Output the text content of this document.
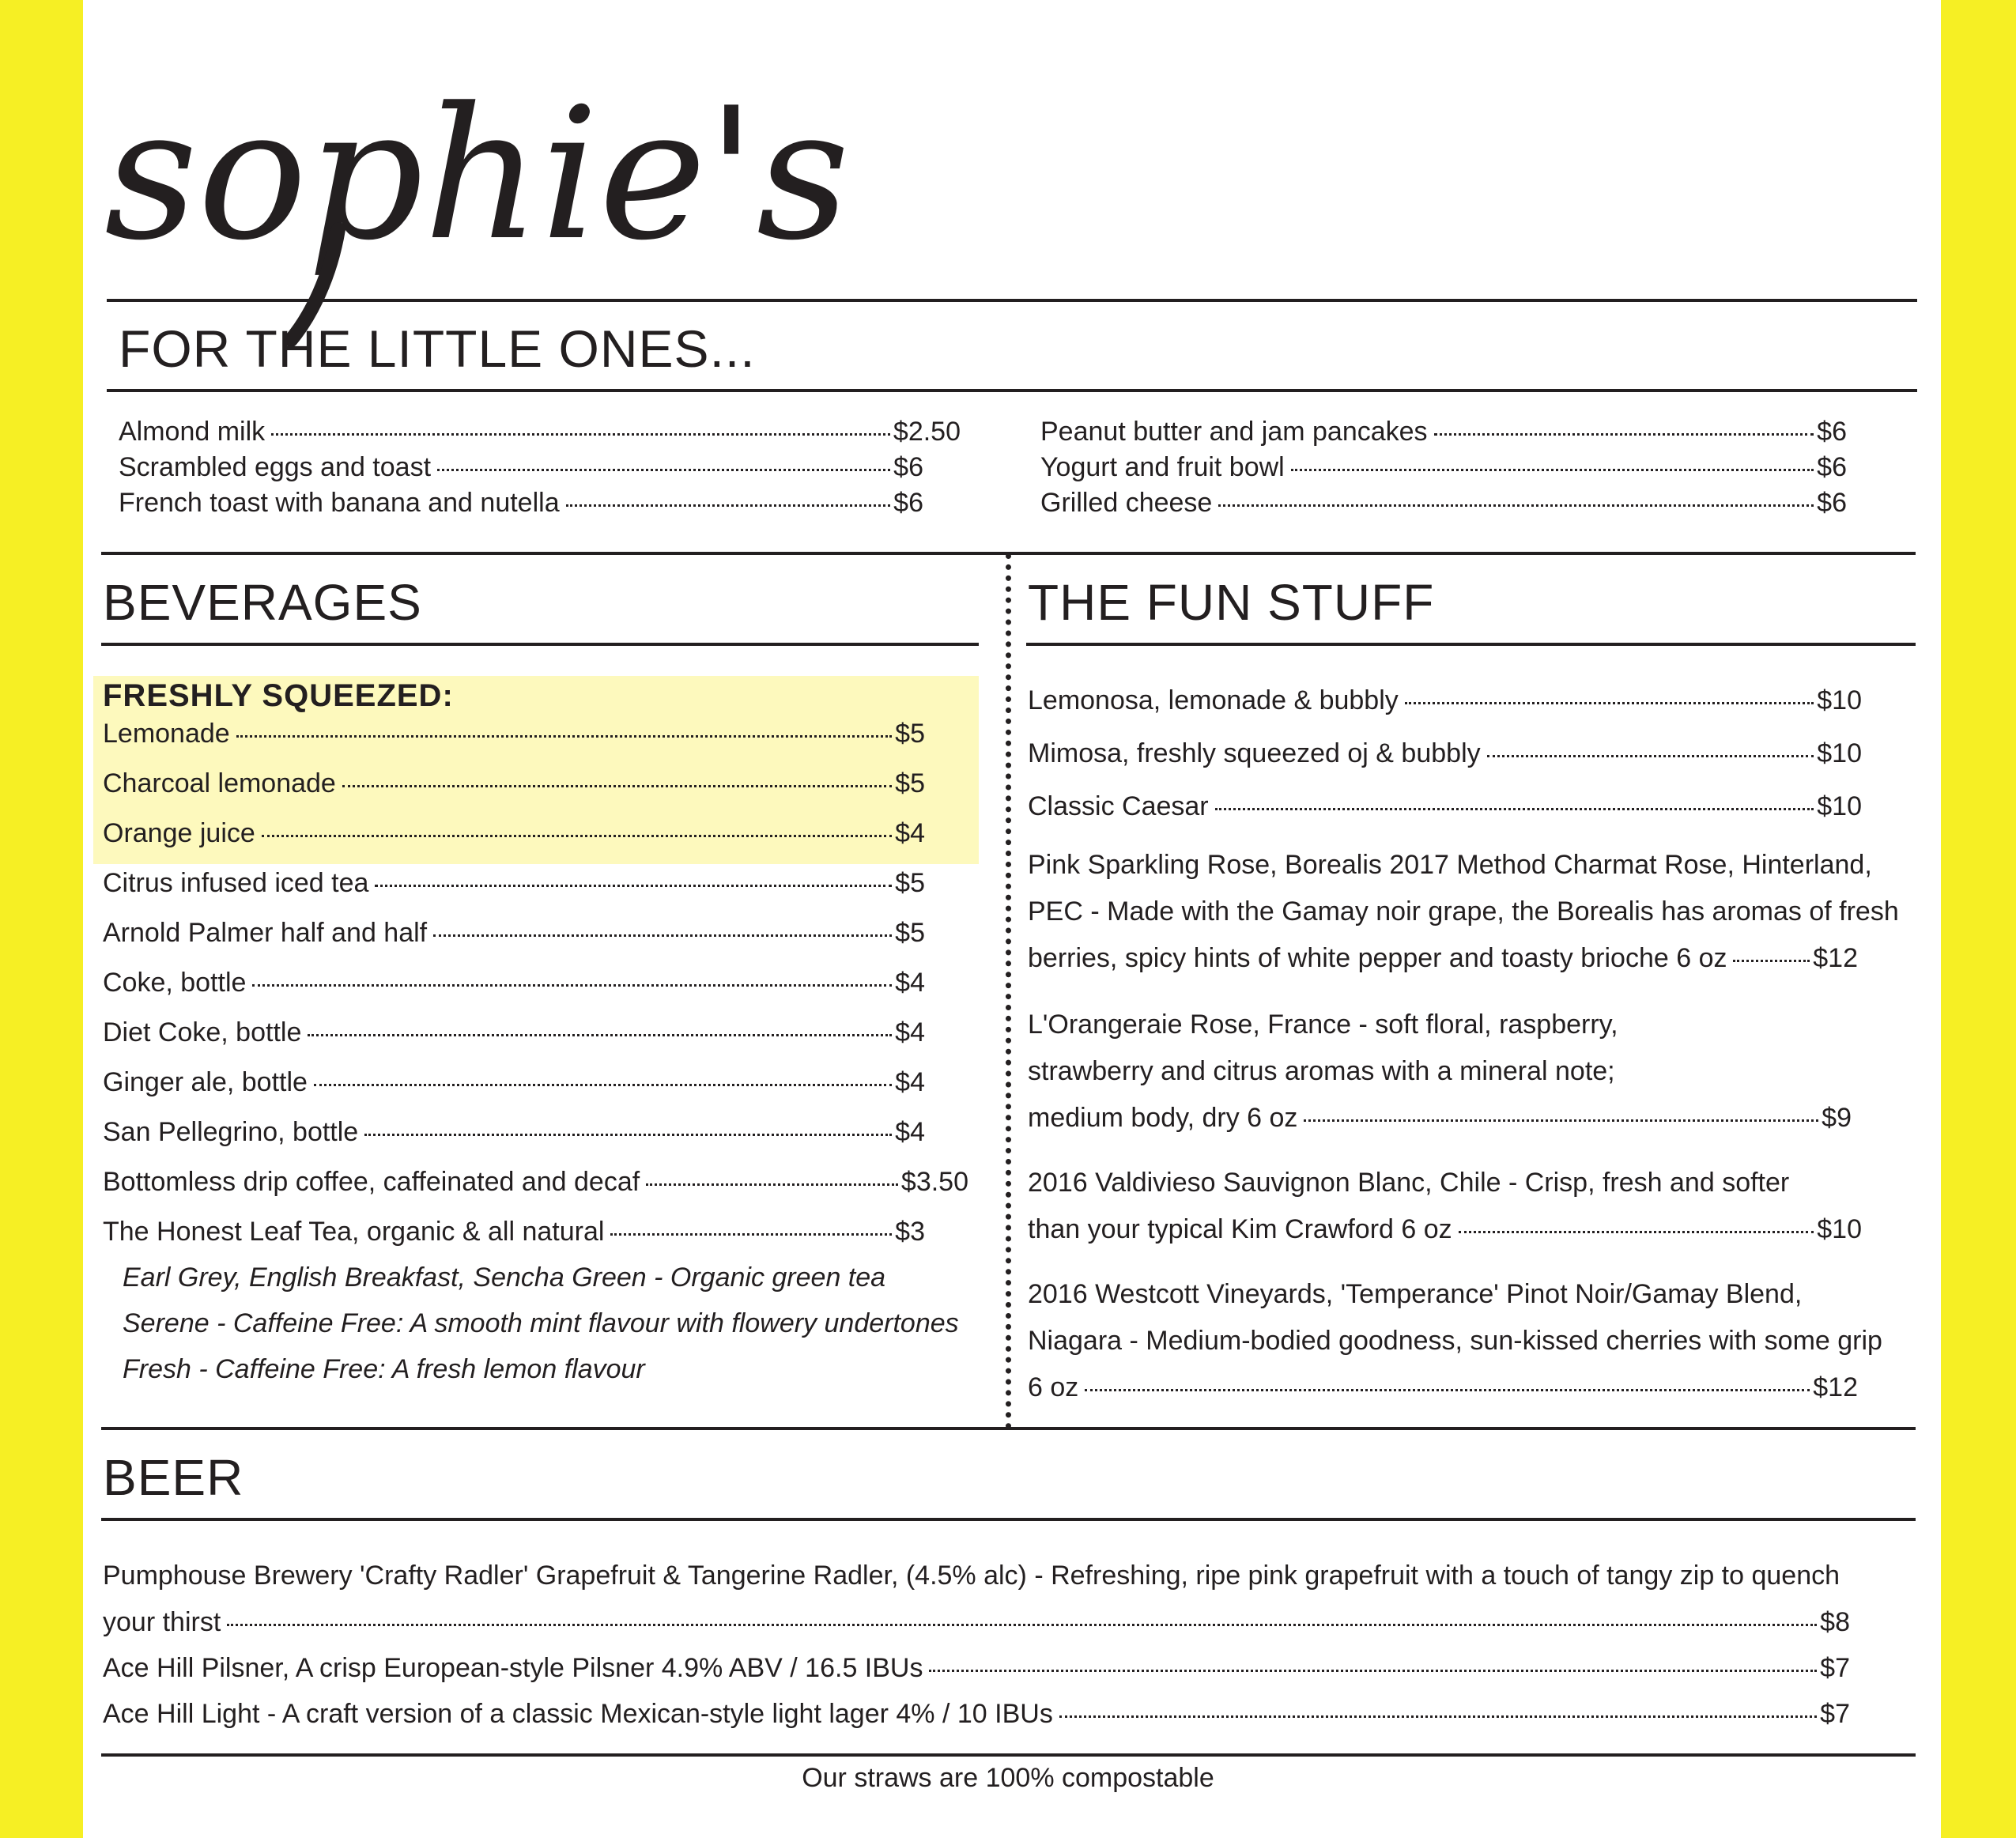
sophie's
FOR THE LITTLE ONES...
Almond milk	$2.50
Scrambled eggs and toast	$6
French toast with banana and nutella	$6
Peanut butter and jam pancakes	$6
Yogurt and fruit bowl	$6
Grilled cheese	$6
BEVERAGES	THE FUN STUFF
FRESHLY SQUEEZED:
Lemonade	$5
Charcoal lemonade	$5
Orange juice	$4
Citrus infused iced tea	$5
Arnold Palmer half and half	$5
Coke, bottle	$4
Diet Coke, bottle	$4
Ginger ale, bottle	$4
San Pellegrino, bottle	$4
Bottomless drip coffee, caffeinated and decaf	$3.50
The Honest Leaf Tea, organic & all natural	$3
Earl Grey, English Breakfast, Sencha Green - Organic green tea
Serene - Caffeine Free: A smooth mint flavour with flowery undertones
Fresh - Caffeine Free: A fresh lemon flavour
Lemonosa, lemonade & bubbly	$10
Mimosa, freshly squeezed oj & bubbly	$10
Classic Caesar	$10
Pink Sparkling Rose, Borealis 2017 Method Charmat Rose, Hinterland,
PEC - Made with the Gamay noir grape, the Borealis has aromas of fresh
berries, spicy hints of white pepper and toasty brioche 6 oz	$12
L'Orangeraie Rose, France - soft floral, raspberry,
strawberry and citrus aromas with a mineral note;
medium body, dry 6 oz	$9
2016 Valdivieso Sauvignon Blanc, Chile - Crisp, fresh and softer
than your typical Kim Crawford 6 oz	$10
2016 Westcott Vineyards, 'Temperance' Pinot Noir/Gamay Blend,
Niagara - Medium-bodied goodness, sun-kissed cherries with some grip
6 oz	$12
BEER
Pumphouse Brewery 'Crafty Radler' Grapefruit & Tangerine Radler, (4.5% alc) - Refreshing, ripe pink grapefruit with a touch of tangy zip to quench
your thirst	$8
Ace Hill Pilsner, A crisp European-style Pilsner 4.9% ABV / 16.5 IBUs	$7
Ace Hill Light - A craft version of a classic Mexican-style light lager 4% / 10 IBUs	$7
Our straws are 100% compostable
